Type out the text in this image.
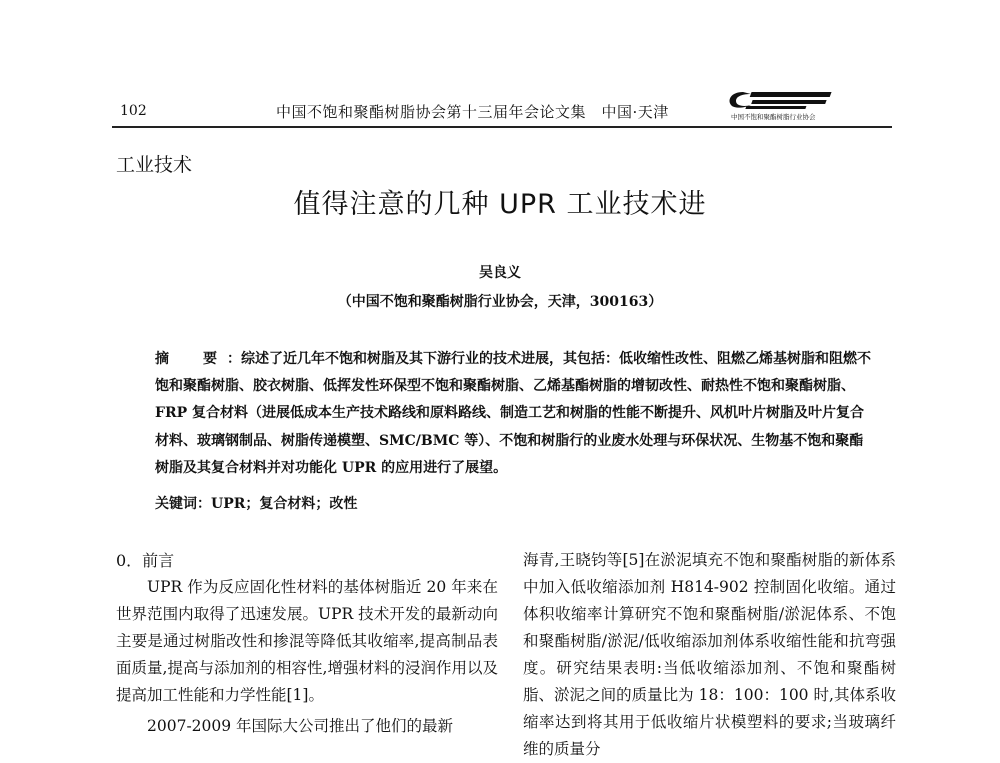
102	中国不饱和聚酯树脂协会第十三届年会论文集　中国·天津	中国不饱和聚酯树脂行业协会
工业技术
值得注意的几种 UPR 工业技术进
吴良义
（中国不饱和聚酯树脂行业协会，天津，300163）

摘　要：综述了近几年不饱和树脂及其下游行业的技术进展，其包括：低收缩性改性、阻燃乙烯基树脂和阻燃不饱和聚酯树脂、胶衣树脂、低挥发性环保型不饱和聚酯树脂、乙烯基酯树脂的增韧改性、耐热性不饱和聚酯树脂、FRP 复合材料（进展低成本生产技术路线和原料路线、制造工艺和树脂的性能不断提升、风机叶片树脂及叶片复合材料、玻璃钢制品、树脂传递模塑、SMC/BMC 等）、不饱和树脂行的业废水处理与环保状况、生物基不饱和聚酯树脂及其复合材料并对功能化 UPR 的应用进行了展望。

关键词：UPR；复合材料；改性

0．前言

UPR 作为反应固化性材料的基体树脂近 20 年来在世界范围内取得了迅速发展。UPR 技术开发的最新动向主要是通过树脂改性和掺混等降低其收缩率,提高制品表面质量,提高与添加剂的相容性,增强材料的浸润作用以及提高加工性能和力学性能[1]。

2007-2009 年国际大公司推出了他们的最新

海青,王晓钧等[5]在淤泥填充不饱和聚酯树脂的新体系中加入低收缩添加剂 H814-902 控制固化收缩。通过体积收缩率计算研究不饱和聚酯树脂/淤泥体系、不饱和聚酯树脂/淤泥/低收缩添加剂体系收缩性能和抗弯强度。研究结果表明:当低收缩添加剂、不饱和聚酯树脂、淤泥之间的质量比为 18：100：100 时,其体系收缩率达到将其用于低收缩片状模塑料的要求;当玻璃纤维的质量分
